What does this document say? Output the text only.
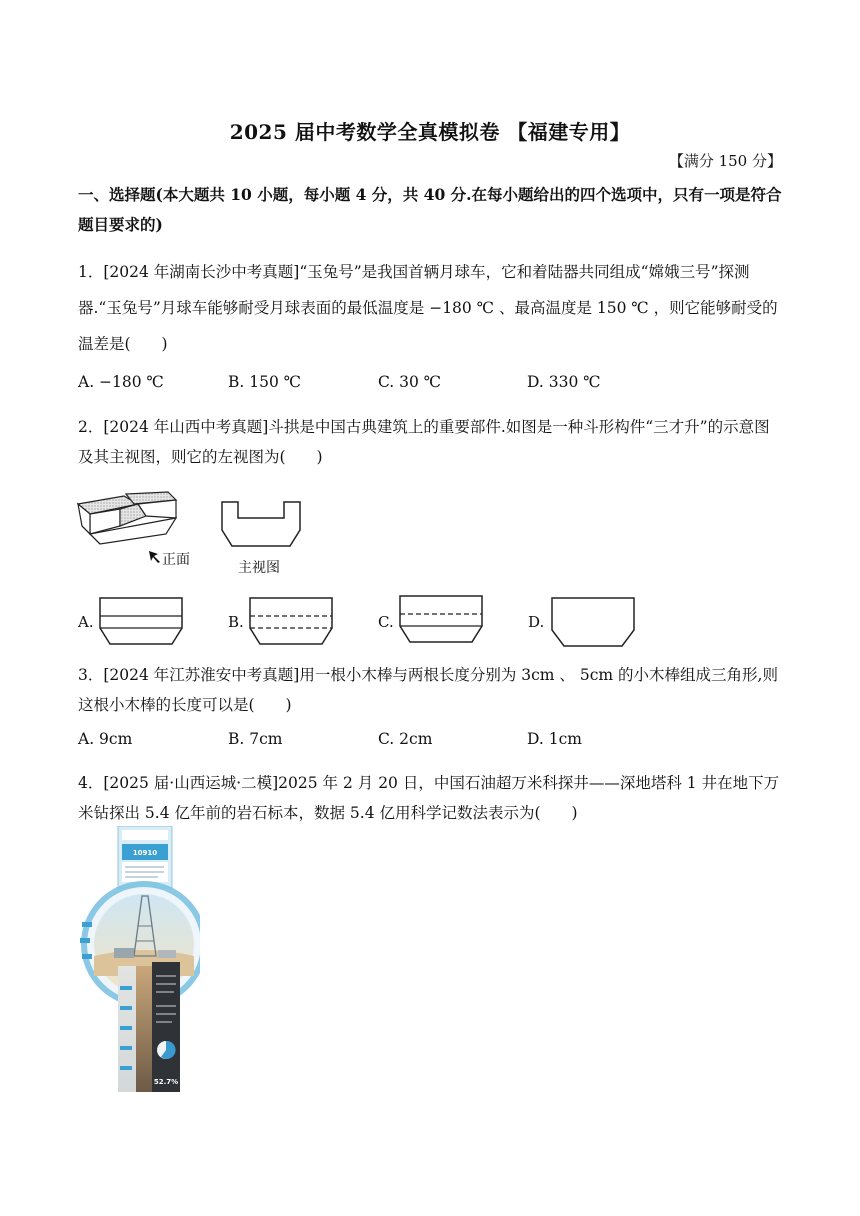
2025 届中考数学全真模拟卷 【福建专用】
【满分 150 分】
一、选择题(本大题共 10 小题，每小题 4 分，共 40 分.在每小题给出的四个选项中，只有一项是符合题目要求的)
1．[2024 年湖南长沙中考真题]“玉兔号”是我国首辆月球车，它和着陆器共同组成“嫦娥三号”探测器.“玉兔号”月球车能够耐受月球表面的最低温度是 −180 ℃ 、最高温度是 150 ℃ ，则它能够耐受的温差是(　　)
A. −180 ℃	B. 150 ℃	C. 30 ℃	D. 330 ℃
2．[2024 年山西中考真题]斗拱是中国古典建筑上的重要部件.如图是一种斗形构件“三才升”的示意图及其主视图，则它的左视图为(　　)
正面	主视图
A.	B.	C.	D.
3．[2024 年江苏淮安中考真题]用一根小木棒与两根长度分别为 3cm 、 5cm 的小木棒组成三角形,则这根小木棒的长度可以是(　　)
A. 9cm	B. 7cm	C. 2cm	D. 1cm
4．[2025 届·山西运城·二模]2025 年 2 月 20 日，中国石油超万米科探井——深地塔科 1 井在地下万米钻探出 5.4 亿年前的岩石标本，数据 5.4 亿用科学记数法表示为(　　)
10910
52.7%
